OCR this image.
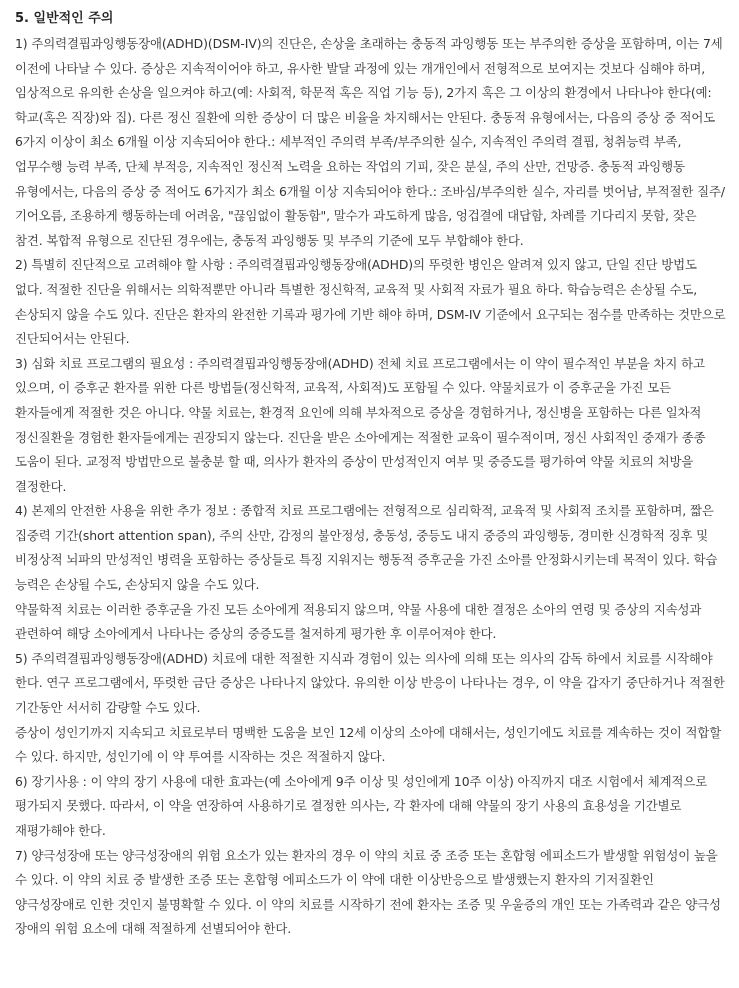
5. 일반적인 주의

1) 주의력결핍과잉행동장애(ADHD)(DSM-IV)의 진단은, 손상을 초래하는 충동적 과잉행동 또는 부주의한 증상을 포함하며, 이는 7세 이전에 나타날 수 있다. 증상은 지속적이어야 하고, 유사한 발달 과정에 있는 개개인에서 전형적으로 보여지는 것보다 심해야 하며, 임상적으로 유의한 손상을 일으켜야 하고(예: 사회적, 학문적 혹은 직업 기능 등), 2가지 혹은 그 이상의 환경에서 나타나야 한다(예: 학교(혹은 직장)와 집). 다른 정신 질환에 의한 증상이 더 많은 비율을 차지해서는 안된다. 충동적 유형에서는, 다음의 증상 중 적어도 6가지 이상이 최소 6개월 이상 지속되어야 한다.: 세부적인 주의력 부족/부주의한 실수, 지속적인 주의력 결핍, 청취능력 부족, 업무수행 능력 부족, 단체 부적응, 지속적인 정신적 노력을 요하는 작업의 기피, 잦은 분실, 주의 산만, 건망증. 충동적 과잉행동 유형에서는, 다음의 증상 중 적어도 6가지가 최소 6개월 이상 지속되어야 한다.: 조바심/부주의한 실수, 자리를 벗어남, 부적절한 질주/기어오름, 조용하게 행동하는데 어려움, "끊임없이 활동함", 말수가 과도하게 많음, 엉겁결에 대답함, 차례를 기다리지 못함, 잦은 참견. 복합적 유형으로 진단된 경우에는, 충동적 과잉행동 및 부주의 기준에 모두 부합해야 한다.

2) 특별히 진단적으로 고려해야 할 사항 : 주의력결핍과잉행동장애(ADHD)의 뚜렷한 병인은 알려져 있지 않고, 단일 진단 방법도 없다. 적절한 진단을 위해서는 의학적뿐만 아니라 특별한 정신학적, 교육적 및 사회적 자료가 필요 하다. 학습능력은 손상될 수도, 손상되지 않을 수도 있다. 진단은 환자의 완전한 기록과 평가에 기반 해야 하며, DSM-IV 기준에서 요구되는 점수를 만족하는 것만으로 진단되어서는 안된다.

3) 심화 치료 프로그램의 필요성 : 주의력결핍과잉행동장애(ADHD) 전체 치료 프로그램에서는 이 약이 필수적인 부분을 차지 하고 있으며, 이 증후군 환자를 위한 다른 방법들(정신학적, 교육적, 사회적)도 포함될 수 있다. 약물치료가 이 증후군을 가진 모든 환자들에게 적절한 것은 아니다. 약물 치료는, 환경적 요인에 의해 부차적으로 증상을 경험하거나, 정신병을 포함하는 다른 일차적 정신질환을 경험한 환자들에게는 권장되지 않는다. 진단을 받은 소아에게는 적절한 교육이 필수적이며, 정신 사회적인 중재가 종종 도움이 된다. 교정적 방법만으로 불충분 할 때, 의사가 환자의 증상이 만성적인지 여부 및 중증도를 평가하여 약물 치료의 처방을 결정한다.

4) 본제의 안전한 사용을 위한 추가 정보 : 종합적 치료 프로그램에는 전형적으로 심리학적, 교육적 및 사회적 조치를 포함하며, 짧은 집중력 기간(short attention span), 주의 산만, 감정의 불안정성, 충동성, 중등도 내지 중증의 과잉행동, 경미한 신경학적 징후 및 비정상적 뇌파의 만성적인 병력을 포함하는 증상들로 특징 지워지는 행동적 증후군을 가진 소아를 안정화시키는데 목적이 있다. 학습 능력은 손상될 수도, 손상되지 않을 수도 있다.

약물학적 치료는 이러한 증후군을 가진 모든 소아에게 적용되지 않으며, 약물 사용에 대한 결정은 소아의 연령 및 증상의 지속성과 관련하여 해당 소아에게서 나타나는 증상의 중증도를 철저하게 평가한 후 이루어져야 한다.

5) 주의력결핍과잉행동장애(ADHD) 치료에 대한 적절한 지식과 경험이 있는 의사에 의해 또는 의사의 감독 하에서 치료를 시작해야 한다. 연구 프로그램에서, 뚜렷한 금단 증상은 나타나지 않았다. 유의한 이상 반응이 나타나는 경우, 이 약을 갑자기 중단하거나 적절한 기간동안 서서히 감량할 수도 있다.

증상이 성인기까지 지속되고 치료로부터 명백한 도움을 보인 12세 이상의 소아에 대해서는, 성인기에도 치료를 계속하는 것이 적합할 수 있다. 하지만, 성인기에 이 약 투여를 시작하는 것은 적절하지 않다.

6) 장기사용 : 이 약의 장기 사용에 대한 효과는(예 소아에게 9주 이상 및 성인에게 10주 이상) 아직까지 대조 시험에서 체계적으로 평가되지 못했다. 따라서, 이 약을 연장하여 사용하기로 결정한 의사는, 각 환자에 대해 약물의 장기 사용의 효용성을 기간별로 재평가해야 한다.

7) 양극성장애 또는 양극성장애의 위험 요소가 있는 환자의 경우 이 약의 치료 중 조증 또는 혼합형 에피소드가 발생할 위험성이 높을 수 있다. 이 약의 치료 중 발생한 조증 또는 혼합형 에피소드가 이 약에 대한 이상반응으로 발생했는지 환자의 기저질환인 양극성장애로 인한 것인지 불명확할 수 있다. 이 약의 치료를 시작하기 전에 환자는 조증 및 우울증의 개인 또는 가족력과 같은 양극성 장애의 위험 요소에 대해 적절하게 선별되어야 한다.
